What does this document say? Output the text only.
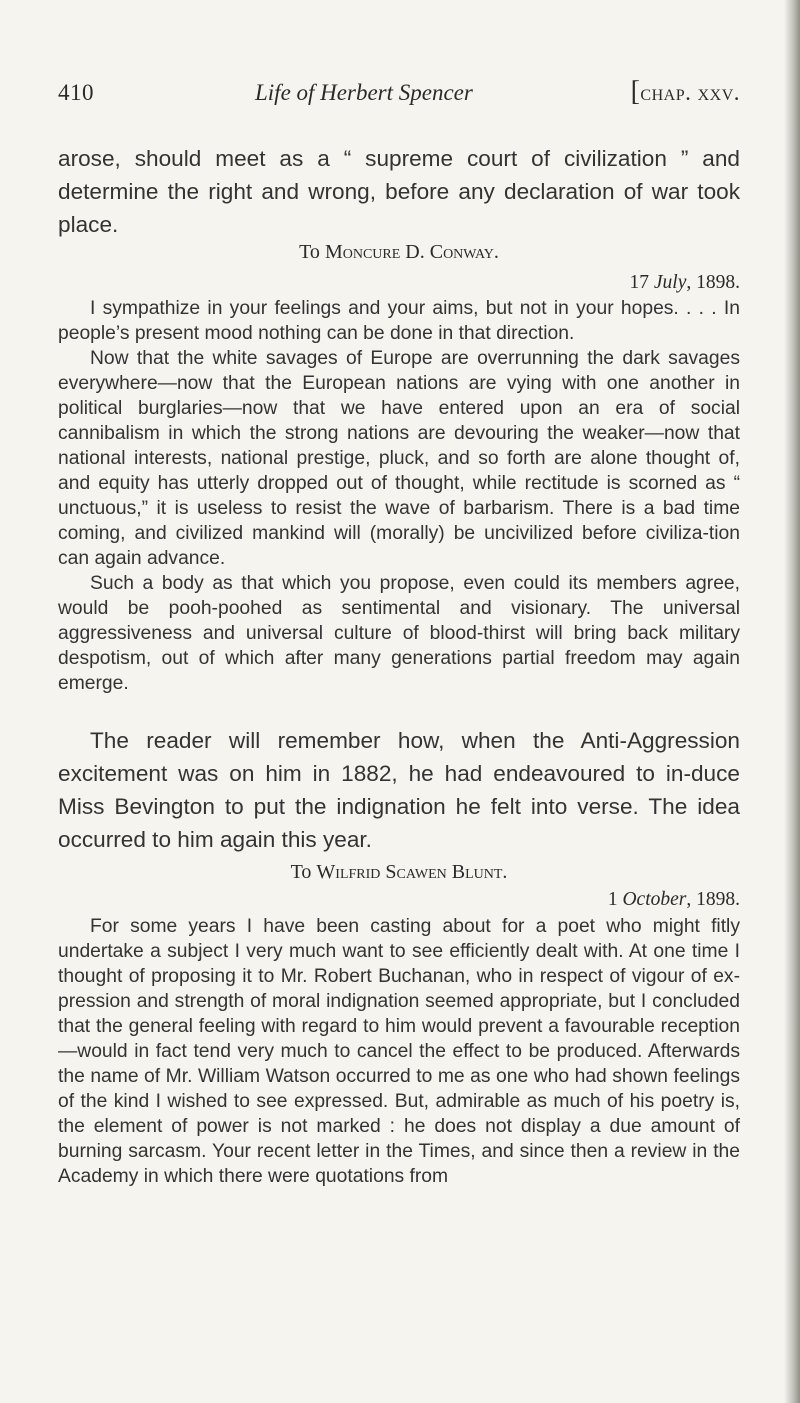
410	Life of Herbert Spencer	[chap. xxv.

arose, should meet as a “ supreme court of civilization ” and determine the right and wrong, before any declaration of war took place.

To Moncure D. Conway.
17 July, 1898.

I sympathize in your feelings and your aims, but not in your hopes. . . . In people’s present mood nothing can be done in that direction.

Now that the white savages of Europe are overrunning the dark savages everywhere—now that the European nations are vying with one another in political burglaries—now that we have entered upon an era of social cannibalism in which the strong nations are devouring the weaker—now that national interests, national prestige, pluck, and so forth are alone thought of, and equity has utterly dropped out of thought, while rectitude is scorned as “ unctuous,” it is useless to resist the wave of barbarism. There is a bad time coming, and civilized mankind will (morally) be uncivilized before civiliza-tion can again advance.

Such a body as that which you propose, even could its members agree, would be pooh-poohed as sentimental and visionary. The universal aggressiveness and universal culture of blood-thirst will bring back military despotism, out of which after many generations partial freedom may again emerge.

The reader will remember how, when the Anti-Aggression excitement was on him in 1882, he had endeavoured to in-duce Miss Bevington to put the indignation he felt into verse. The idea occurred to him again this year.

To Wilfrid Scawen Blunt.
1 October, 1898.

For some years I have been casting about for a poet who might fitly undertake a subject I very much want to see efficiently dealt with. At one time I thought of proposing it to Mr. Robert Buchanan, who in respect of vigour of ex-pression and strength of moral indignation seemed appropriate, but I concluded that the general feeling with regard to him would prevent a favourable reception—would in fact tend very much to cancel the effect to be produced. Afterwards the name of Mr. William Watson occurred to me as one who had shown feelings of the kind I wished to see expressed. But, admirable as much of his poetry is, the element of power is not marked : he does not display a due amount of burning sarcasm. Your recent letter in the Times, and since then a review in the Academy in which there were quotations from
